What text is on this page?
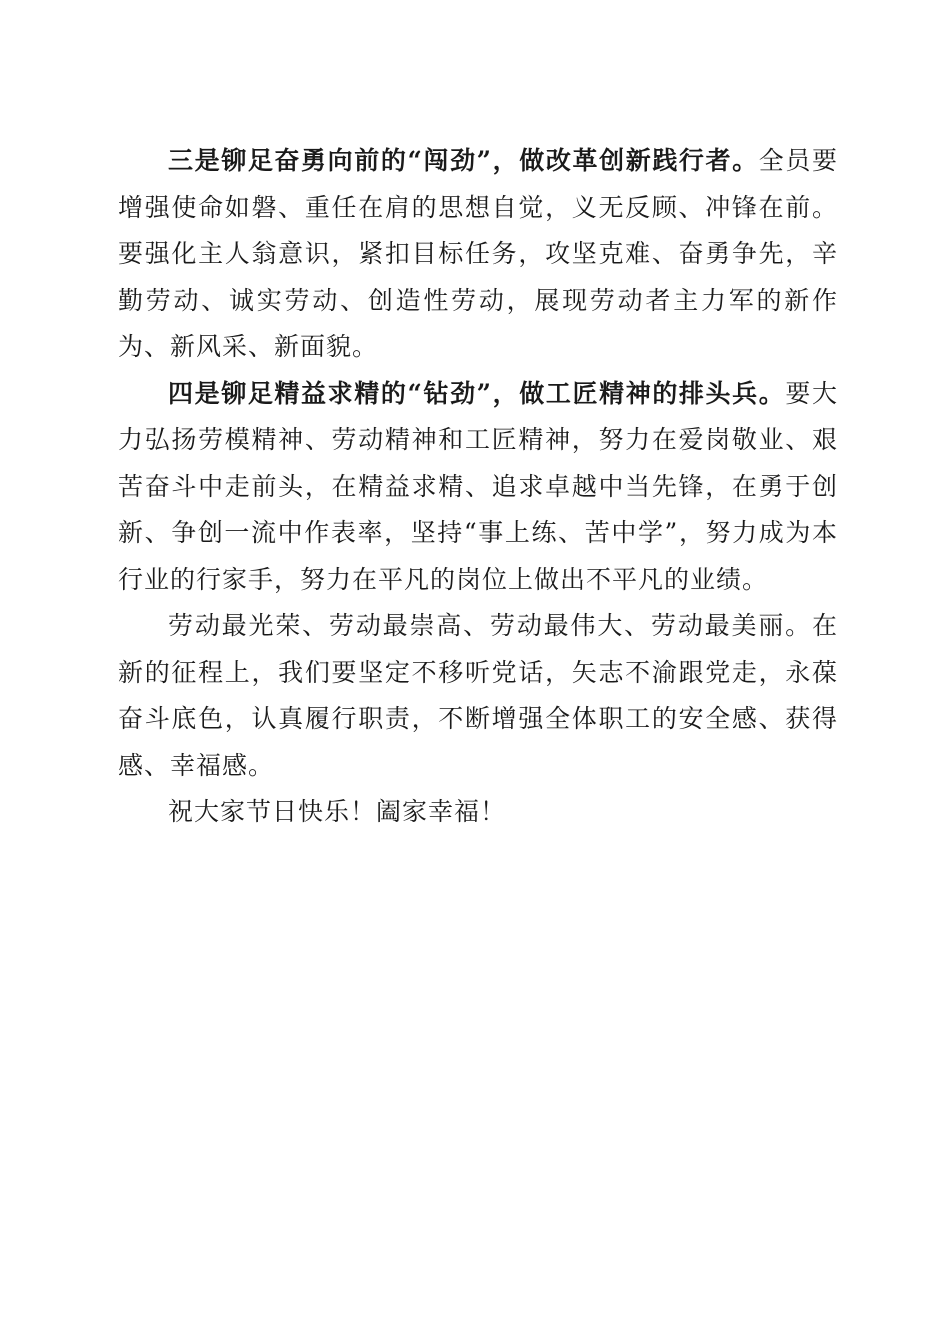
三是铆足奋勇向前的“闯劲”，做改革创新践行者。全员要增强使命如磐、重任在肩的思想自觉，义无反顾、冲锋在前。要强化主人翁意识，紧扣目标任务，攻坚克难、奋勇争先，辛勤劳动、诚实劳动、创造性劳动，展现劳动者主力军的新作为、新风采、新面貌。

四是铆足精益求精的“钻劲”，做工匠精神的排头兵。要大力弘扬劳模精神、劳动精神和工匠精神，努力在爱岗敬业、艰苦奋斗中走前头，在精益求精、追求卓越中当先锋，在勇于创新、争创一流中作表率，坚持“事上练、苦中学”，努力成为本行业的行家手，努力在平凡的岗位上做出不平凡的业绩。

劳动最光荣、劳动最崇高、劳动最伟大、劳动最美丽。在新的征程上，我们要坚定不移听党话，矢志不渝跟党走，永葆奋斗底色，认真履行职责，不断增强全体职工的安全感、获得感、幸福感。

祝大家节日快乐！阖家幸福！
